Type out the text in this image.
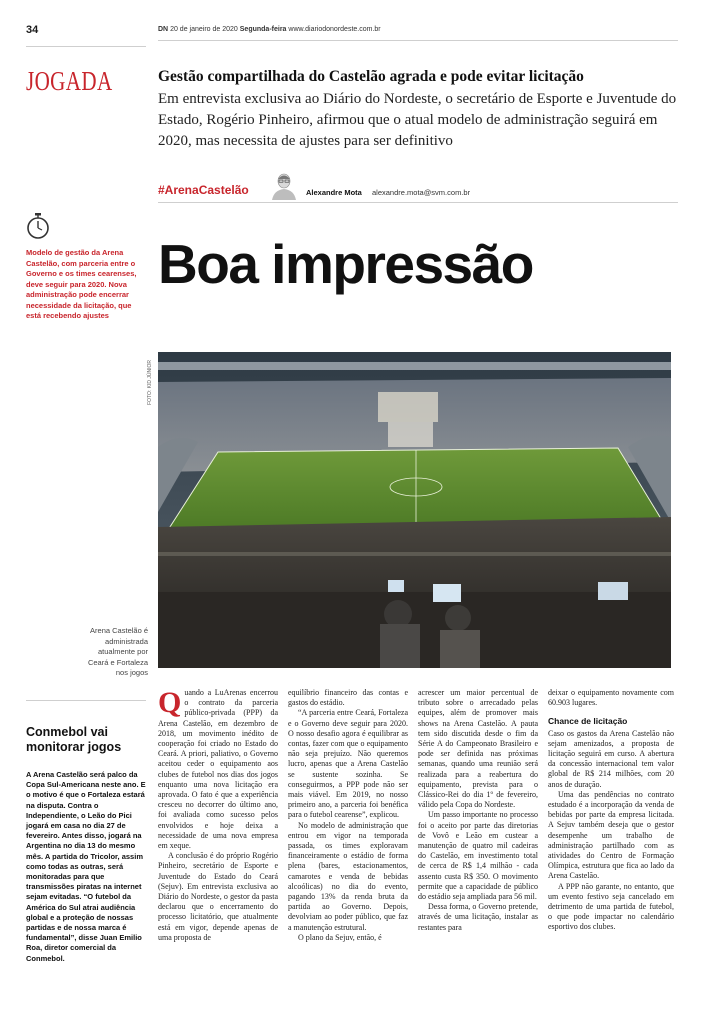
34	DN 20 de janeiro de 2020 Segunda-feira www.diariodonordeste.com.br
JOGADA	Gestão compartilhada do Castelão agrada e pode evitar licitação
Em entrevista exclusiva ao Diário do Nordeste, o secretário de Esporte e Juventude do Estado, Rogério Pinheiro, afirmou que o atual modelo de administração seguirá em 2020, mas necessita de ajustes para ser definitivo
#ArenaCastelão	Alexandre Mota alexandre.mota@svm.com.br
Modelo de gestão da Arena Castelão, com parceria entre o Governo e os times cearenses, deve seguir para 2020. Nova administração pode encerrar necessidade da licitação, que está recebendo ajustes
Boa impressão
FOTO: KID JÚNIOR
Arena Castelão é administrada atualmente por Ceará e Fortaleza nos jogos
Conmebol vai monitorar jogos
A Arena Castelão será palco da Copa Sul-Americana neste ano. E o motivo é que o Fortaleza estará na disputa. Contra o Independiente, o Leão do Pici jogará em casa no dia 27 de fevereiro. Antes disso, jogará na Argentina no dia 13 do mesmo mês. A partida do Tricolor, assim como todas as outras, será monitoradas para que transmissões piratas na internet sejam evitadas. “O futebol da América do Sul atrai audiência global e a proteção de nossas partidas e de nossa marca é fundamental”, disse Juan Emilio Roa, diretor comercial da Conmebol.
Q uando a LuArenas encerrou o contrato da parceria público-privada (PPP) da Arena Castelão, em dezembro de 2018, um movimento inédito de cooperação foi criado no Estado do Ceará. A priori, paliativo, o Governo aceitou ceder o equipamento aos clubes de futebol nos dias dos jogos enquanto uma nova licitação era aprovada. O fato é que a experiência cresceu no decorrer do último ano, foi avaliada como sucesso pelos envolvidos e hoje deixa a necessidade de uma nova empresa em xeque.

A conclusão é do próprio Rogério Pinheiro, secretário de Esporte e Juventude do Estado do Ceará (Sejuv). Em entrevista exclusiva ao Diário do Nordeste, o gestor da pasta declarou que o encerramento do processo licitatório, que atualmente está em vigor, depende apenas de uma proposta de

equilíbrio financeiro das contas e gastos do estádio.

“A parceria entre Ceará, Fortaleza e o Governo deve seguir para 2020. O nosso desafio agora é equilibrar as contas, fazer com que o equipamento não seja prejuízo. Não queremos lucro, apenas que a Arena Castelão se sustente sozinha. Se conseguirmos, a PPP pode não ser mais viável. Em 2019, no nosso primeiro ano, a parceria foi benéfica para o futebol cearense”, explicou.

No modelo de administração que entrou em vigor na temporada passada, os times exploravam financeiramente o estádio de forma plena (bares, estacionamentos, camarotes e venda de bebidas alcoólicas) no dia do evento, pagando 13% da renda bruta da partida ao Governo. Depois, devolviam ao poder público, que faz a manutenção estrutural.

O plano da Sejuv, então, é

acrescer um maior percentual de tributo sobre o arrecadado pelas equipes, além de promover mais shows na Arena Castelão. A pauta tem sido discutida desde o fim da Série A do Campeonato Brasileiro e pode ser definida nas próximas semanas, quando uma reunião será realizada para a reabertura do equipamento, prevista para o Clássico-Rei do dia 1º de fevereiro, válido pela Copa do Nordeste.

Um passo importante no processo foi o aceito por parte das diretorias de Vovô e Leão em custear a manutenção de quatro mil cadeiras do Castelão, em investimento total de cerca de R$ 1,4 milhão - cada assento custa R$ 350. O movimento permite que a capacidade de público do estádio seja ampliada para 56 mil.

Dessa forma, o Governo pretende, através de uma licitação, instalar as restantes para

deixar o equipamento novamente com 60.903 lugares.

Chance de licitação

Caso os gastos da Arena Castelão não sejam amenizados, a proposta de licitação seguirá em curso. A abertura da concessão internacional tem valor global de R$ 214 milhões, com 20 anos de duração.

Uma das pendências no contrato estudado é a incorporação da venda de bebidas por parte da empresa licitada. A Sejuv também deseja que o gestor desempenhe um trabalho de administração partilhado com as atividades do Centro de Formação Olímpica, estrutura que fica ao lado da Arena Castelão.

A PPP não garante, no entanto, que um evento festivo seja cancelado em detrimento de uma partida de futebol, o que pode impactar no calendário esportivo dos clubes.
